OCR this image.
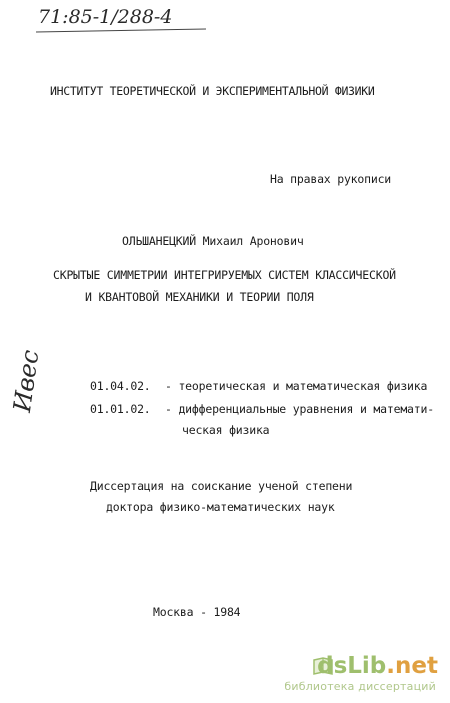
71:85-1/288-4
ИНСТИТУТ ТЕОРЕТИЧЕСКОЙ И ЭКСПЕРИМЕНТАЛЬНОЙ ФИЗИКИ
На правах рукописи
ОЛЬШАНЕЦКИЙ Михаил Аронович
СКРЫТЫЕ СИММЕТРИИ ИНТЕГРИРУЕМЫХ СИСТЕМ КЛАССИЧЕСКОЙ
И КВАНТОВОЙ МЕХАНИКИ И ТЕОРИИ ПОЛЯ
Ивес	01.04.02. - теоретическая и математическая физика
01.01.02. - дифференциальные уравнения и математи-
ческая физика
Диссертация на соискание ученой степени
доктора физико-математических наук
Москва - 1984
dsLib.net
библиотека диссертаций
